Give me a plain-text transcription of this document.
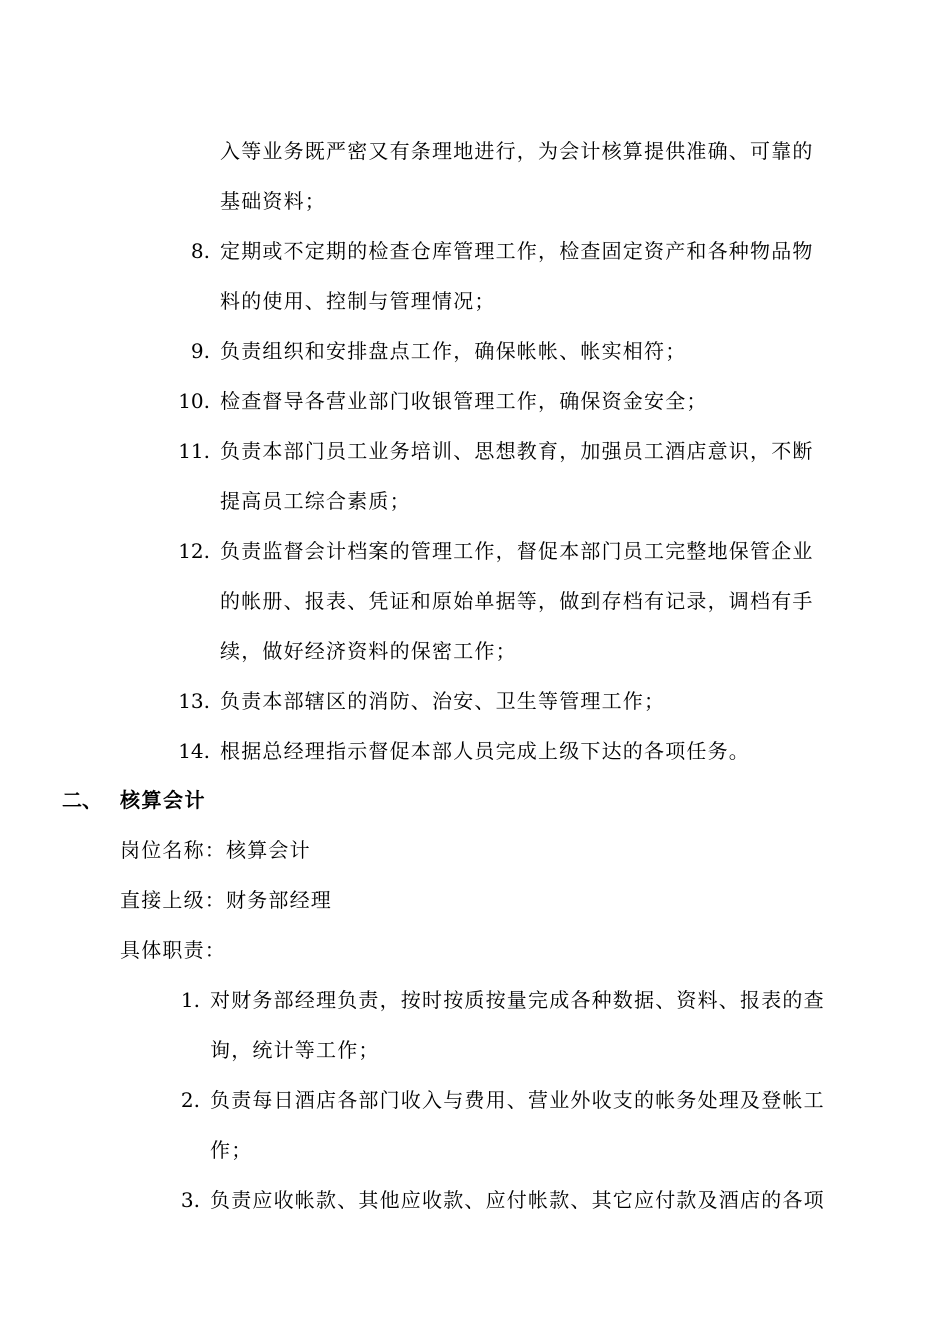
入等业务既严密又有条理地进行，为会计核算提供准确、可靠的
基础资料；
8. 定期或不定期的检查仓库管理工作，检查固定资产和各种物品物
料的使用、控制与管理情况；
9. 负责组织和安排盘点工作，确保帐帐、帐实相符；
10. 检查督导各营业部门收银管理工作，确保资金安全；
11. 负责本部门员工业务培训、思想教育，加强员工酒店意识，不断
提高员工综合素质；
12. 负责监督会计档案的管理工作，督促本部门员工完整地保管企业
的帐册、报表、凭证和原始单据等，做到存档有记录，调档有手
续，做好经济资料的保密工作；
13. 负责本部辖区的消防、治安、卫生等管理工作；
14. 根据总经理指示督促本部人员完成上级下达的各项任务。
二、 核算会计
岗位名称：核算会计
直接上级：财务部经理
具体职责：
1. 对财务部经理负责，按时按质按量完成各种数据、资料、报表的查
询，统计等工作；
2. 负责每日酒店各部门收入与费用、营业外收支的帐务处理及登帐工
作；
3. 负责应收帐款、其他应收款、应付帐款、其它应付款及酒店的各项
